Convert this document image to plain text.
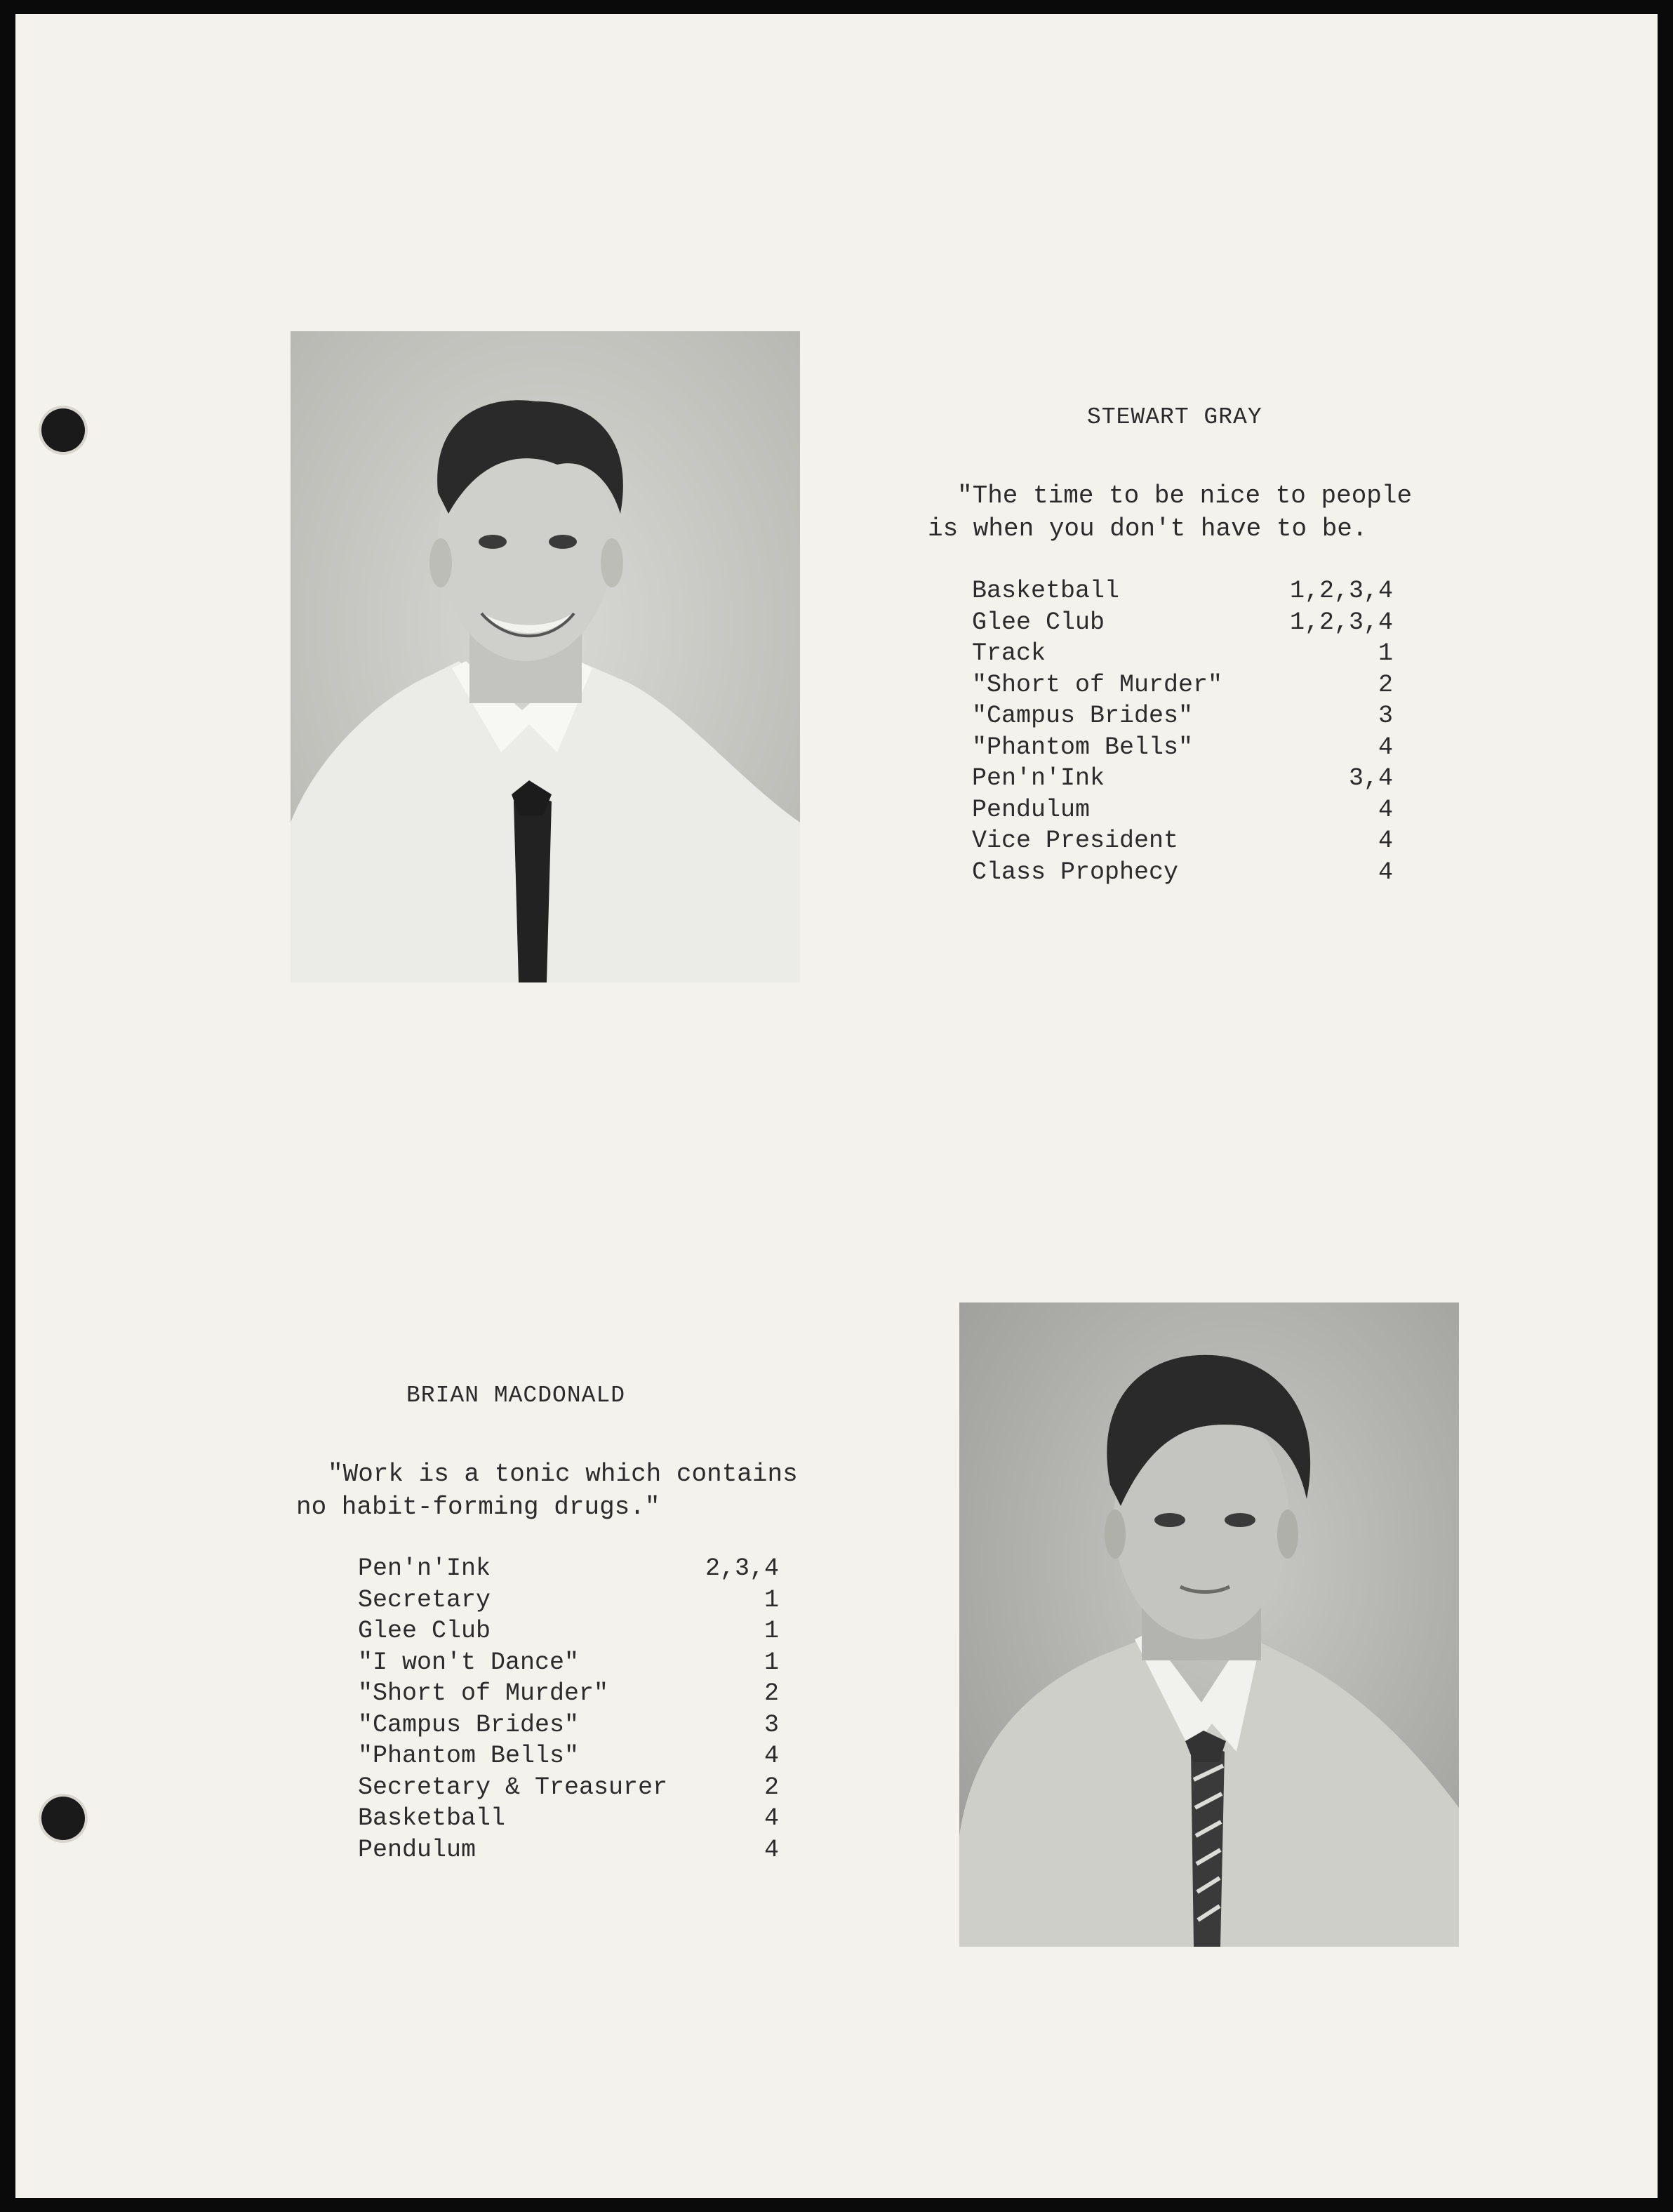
STEWART GRAY
"The time to be nice to people
is when you don't have to be.
Basketball	1,2,3,4
Glee Club	1,2,3,4
Track	1
"Short of Murder"	2
"Campus Brides"	3
"Phantom Bells"	4
Pen'n'Ink	3,4
Pendulum	4
Vice President	4
Class Prophecy	4
BRIAN MACDONALD
"Work is a tonic which contains
no habit-forming drugs."
Pen'n'Ink	2,3,4
Secretary	1
Glee Club	1
"I won't Dance"	1
"Short of Murder"	2
"Campus Brides"	3
"Phantom Bells"	4
Secretary & Treasurer	2
Basketball	4
Pendulum	4
